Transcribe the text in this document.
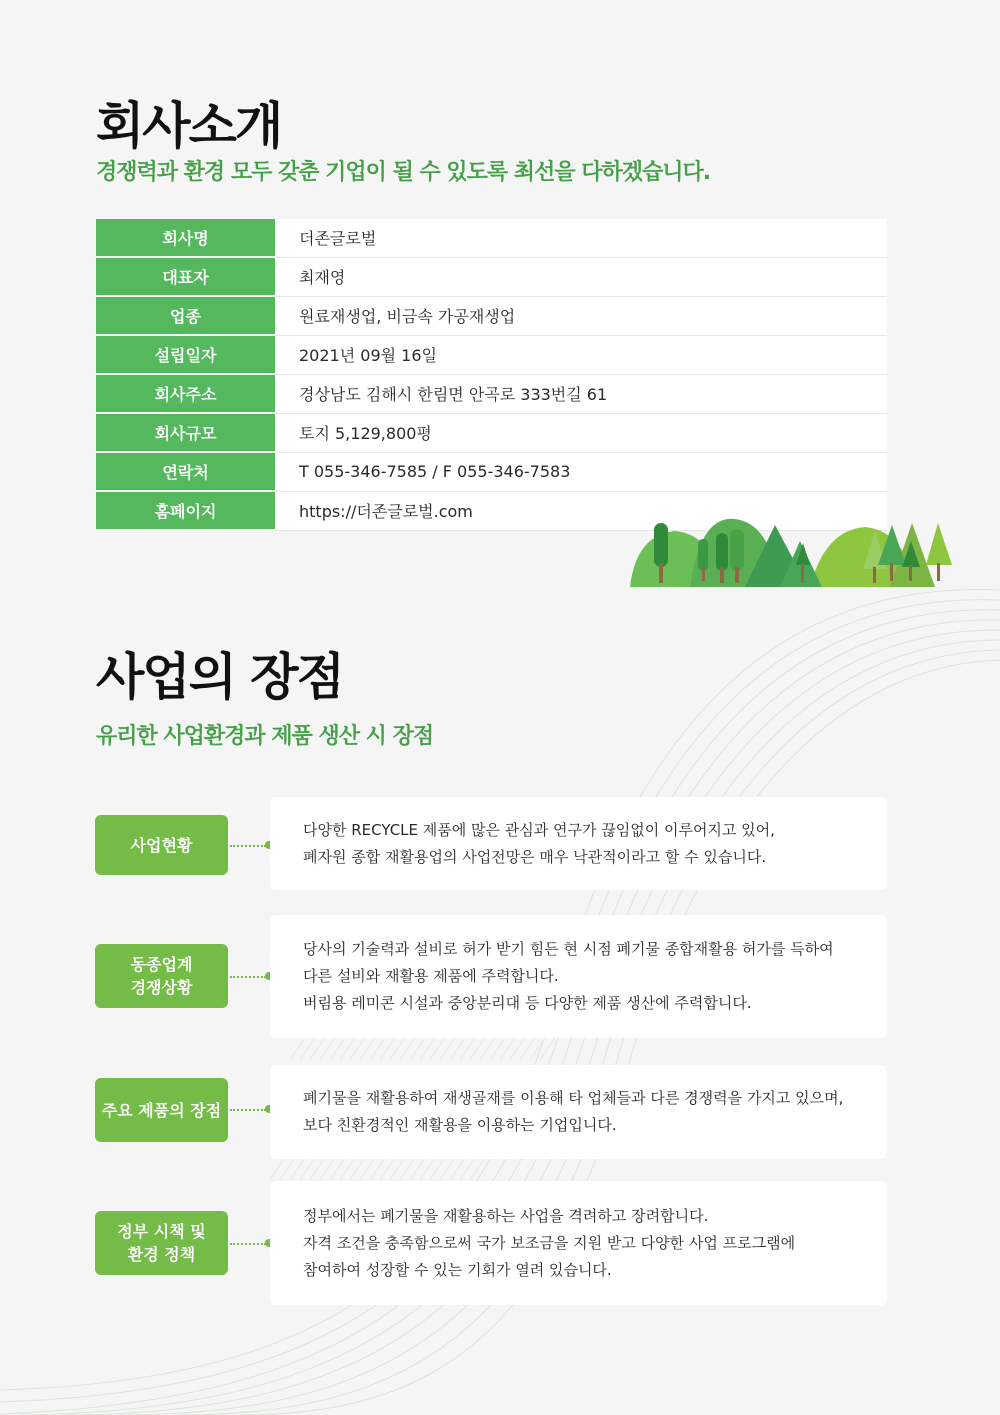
회사소개
경쟁력과 환경 모두 갖춘 기업이 될 수 있도록 최선을 다하겠습니다.
회사명	더존글로벌
대표자	최재영
업종	원료재생업, 비금속 가공재생업
설립일자	2021년 09월 16일
회사주소	경상남도 김해시 한림면 안곡로 333번길 61
회사규모	토지 5,129,800평
연락처	T 055-346-7585 / F 055-346-7583
홈페이지	https://더존글로벌.com
사업의 장점
유리한 사업환경과 제품 생산 시 장점
사업현황

다양한 RECYCLE 제품에 많은 관심과 연구가 끊임없이 이루어지고 있어,

폐자원 종합 재활용업의 사업전망은 매우 낙관적이라고 할 수 있습니다.

동종업계
경쟁상황

당사의 기술력과 설비로 허가 받기 힘든 현 시점 폐기물 종합재활용 허가를 득하여

다른 설비와 재활용 제품에 주력합니다.

버림용 레미콘 시설과 중앙분리대 등 다양한 제품 생산에 주력합니다.

주요 제품의 장점

폐기물을 재활용하여 재생골재를 이용해 타 업체들과 다른 경쟁력을 가지고 있으며,

보다 친환경적인 재활용을 이용하는 기업입니다.

정부 시책 및
환경 정책

정부에서는 폐기물을 재활용하는 사업을 격려하고 장려합니다.

자격 조건을 충족함으로써 국가 보조금을 지원 받고 다양한 사업 프로그램에

참여하여 성장할 수 있는 기회가 열려 있습니다.
